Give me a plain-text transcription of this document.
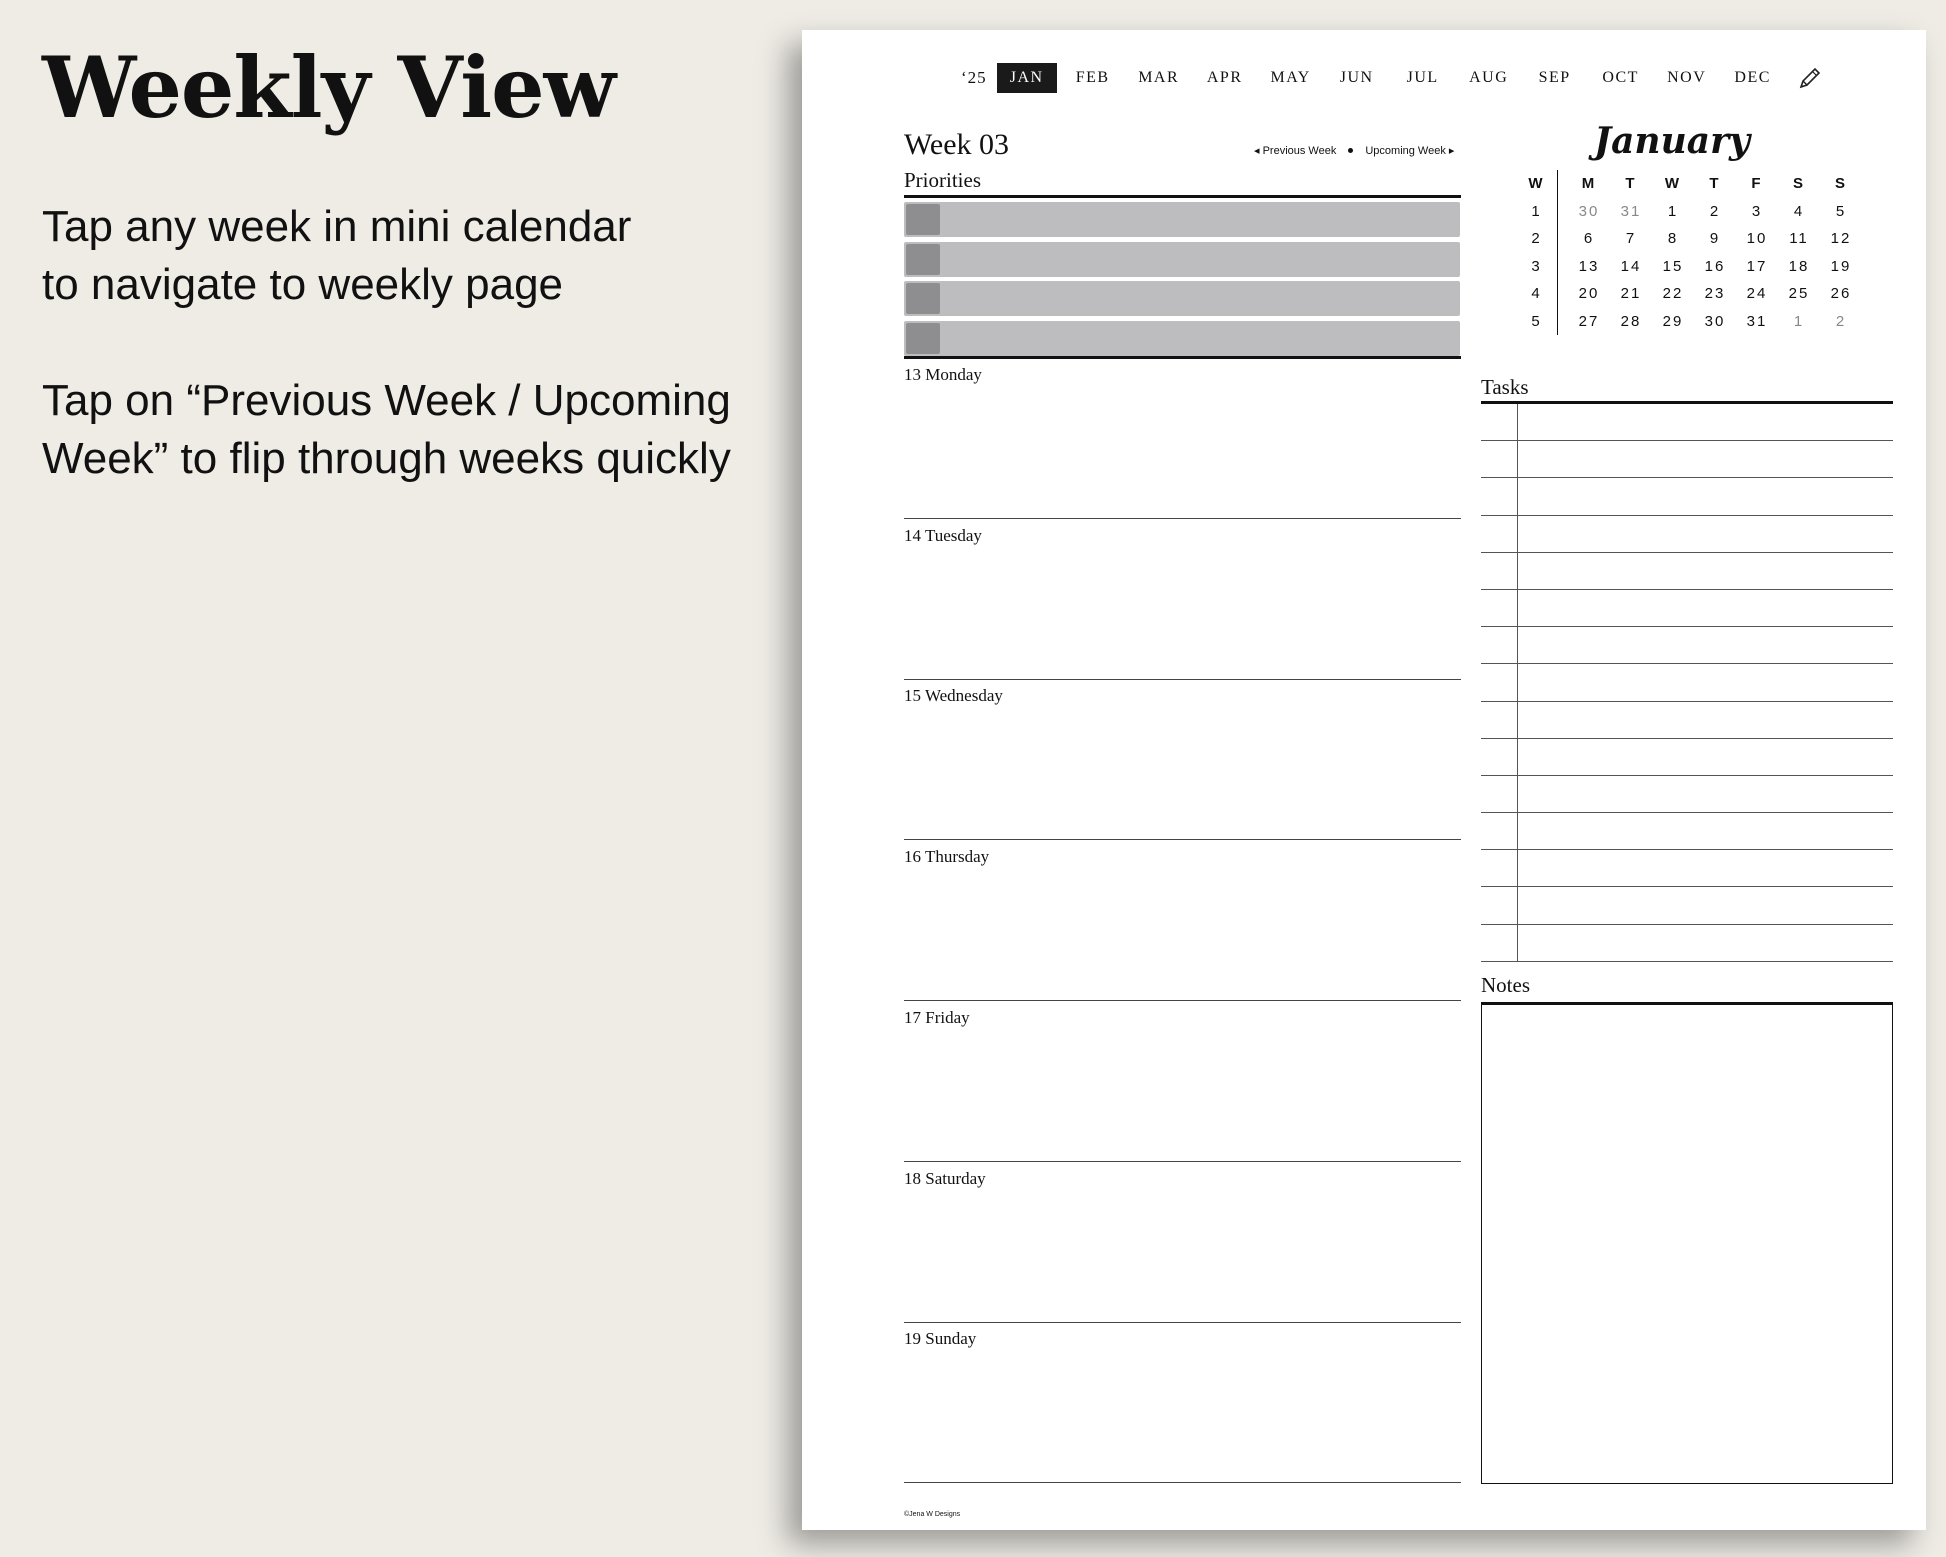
Weekly View
Tap any week in mini calendar to navigate to weekly page
Tap on “Previous Week / Upcoming Week” to flip through weeks quickly
‘25	JAN	FEB	MAR	APR	MAY	JUN	JUL	AUG	SEP	OCT	NOV	DEC
Week 03	◂ Previous Week	Upcoming Week ▸
Priorities
13 Monday
14 Tuesday
15 Wednesday
16 Thursday
17 Friday
18 Saturday
19 Sunday
January
W	M	T	W	T	F	S	S
1	30	31	1	2	3	4	5
2	6	7	8	9	10	11	12
3	13	14	15	16	17	18	19
4	20	21	22	23	24	25	26
5	27	28	29	30	31	1	2
Tasks
Notes
©Jena W Designs
